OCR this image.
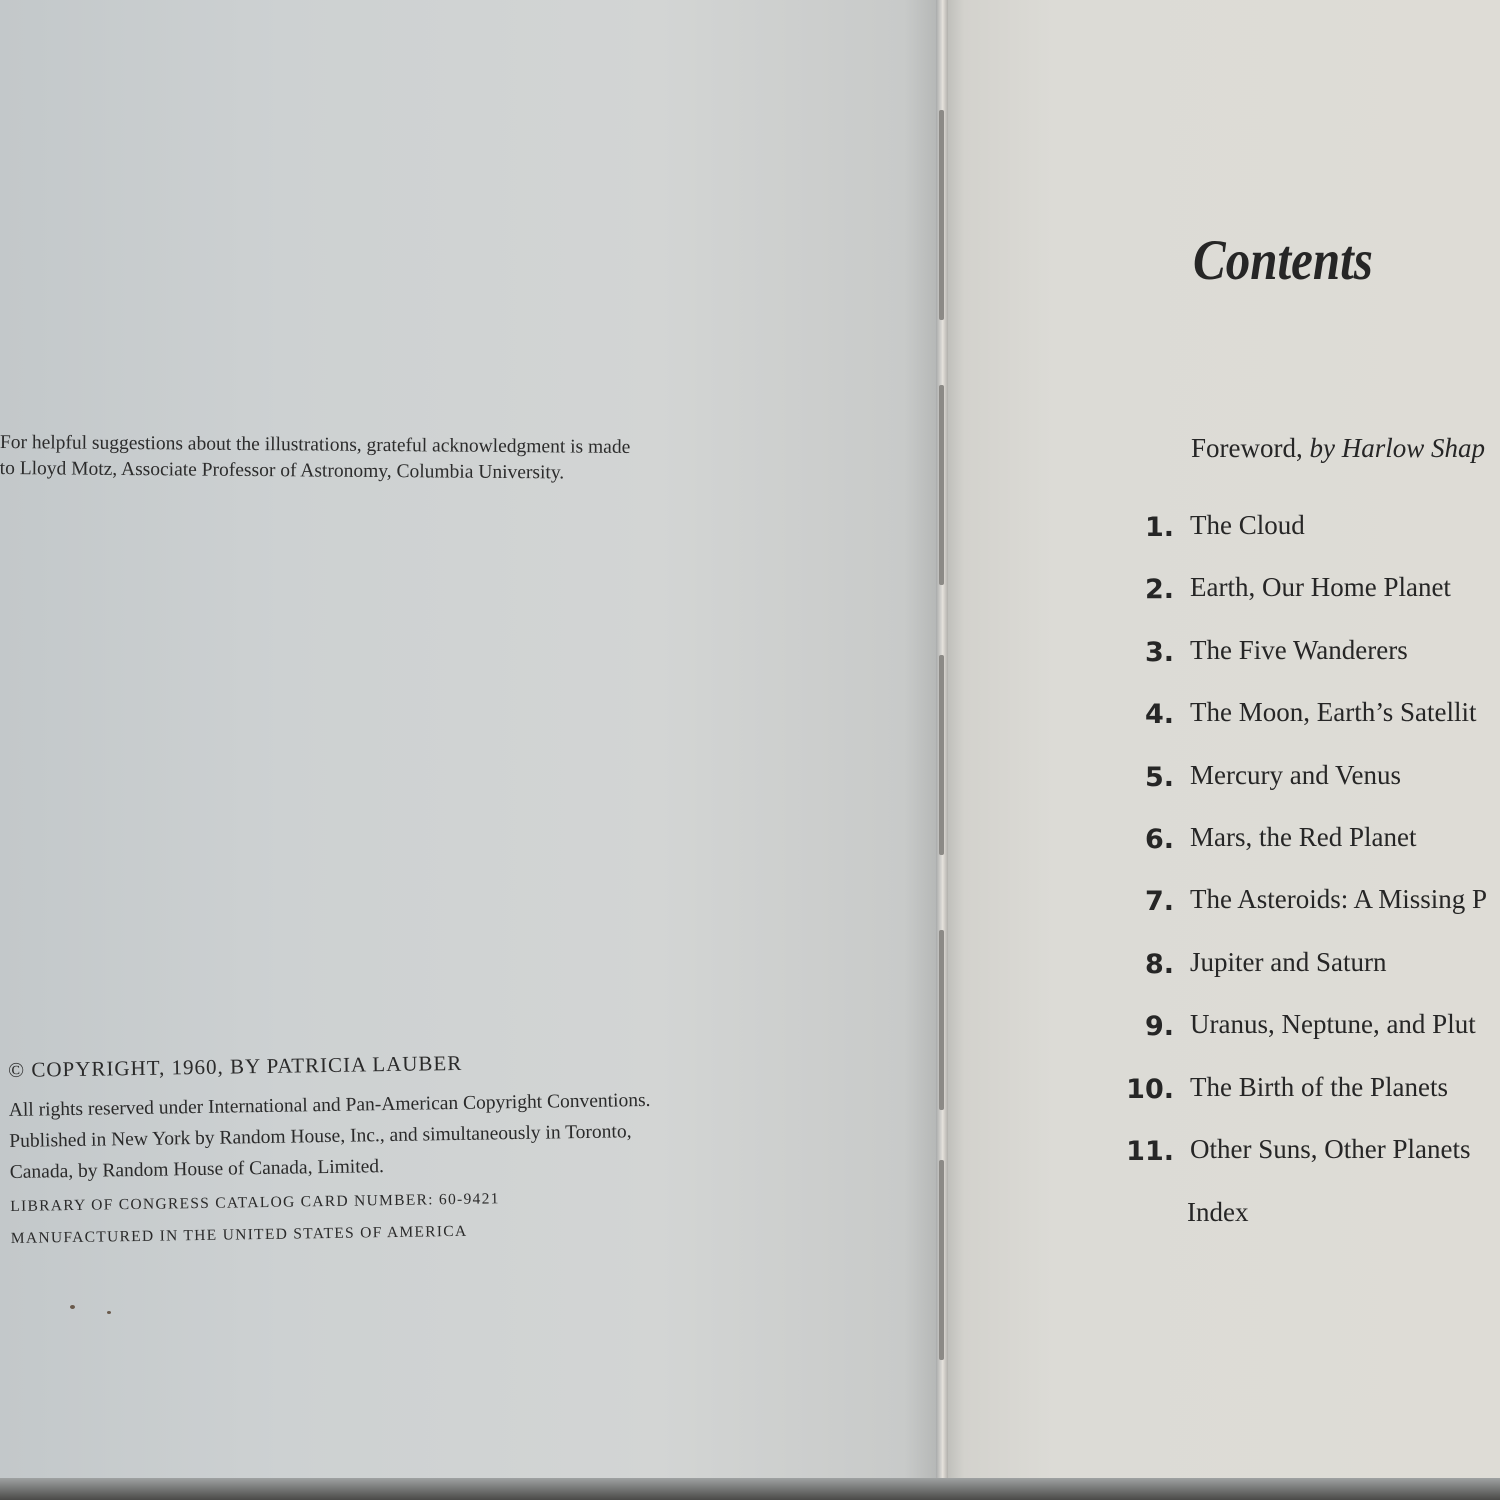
For helpful suggestions about the illustrations, grateful acknowledgment is made

to Lloyd Motz, Associate Professor of Astronomy, Columbia University.

© COPYRIGHT, 1960, BY PATRICIA LAUBER

All rights reserved under International and Pan-American Copyright Conventions.

Published in New York by Random House, Inc., and simultaneously in Toronto,

Canada, by Random House of Canada, Limited.

LIBRARY OF CONGRESS CATALOG CARD NUMBER: 60-9421

MANUFACTURED IN THE UNITED STATES OF AMERICA

Contents

Foreword, by Harlow Shap

1. The Cloud
2. Earth, Our Home Planet
3. The Five Wanderers
4. The Moon, Earth’s Satellit
5. Mercury and Venus
6. Mars, the Red Planet
7. The Asteroids: A Missing P
8. Jupiter and Saturn
9. Uranus, Neptune, and Plut
10. The Birth of the Planets
11. Other Suns, Other Planets

Index
